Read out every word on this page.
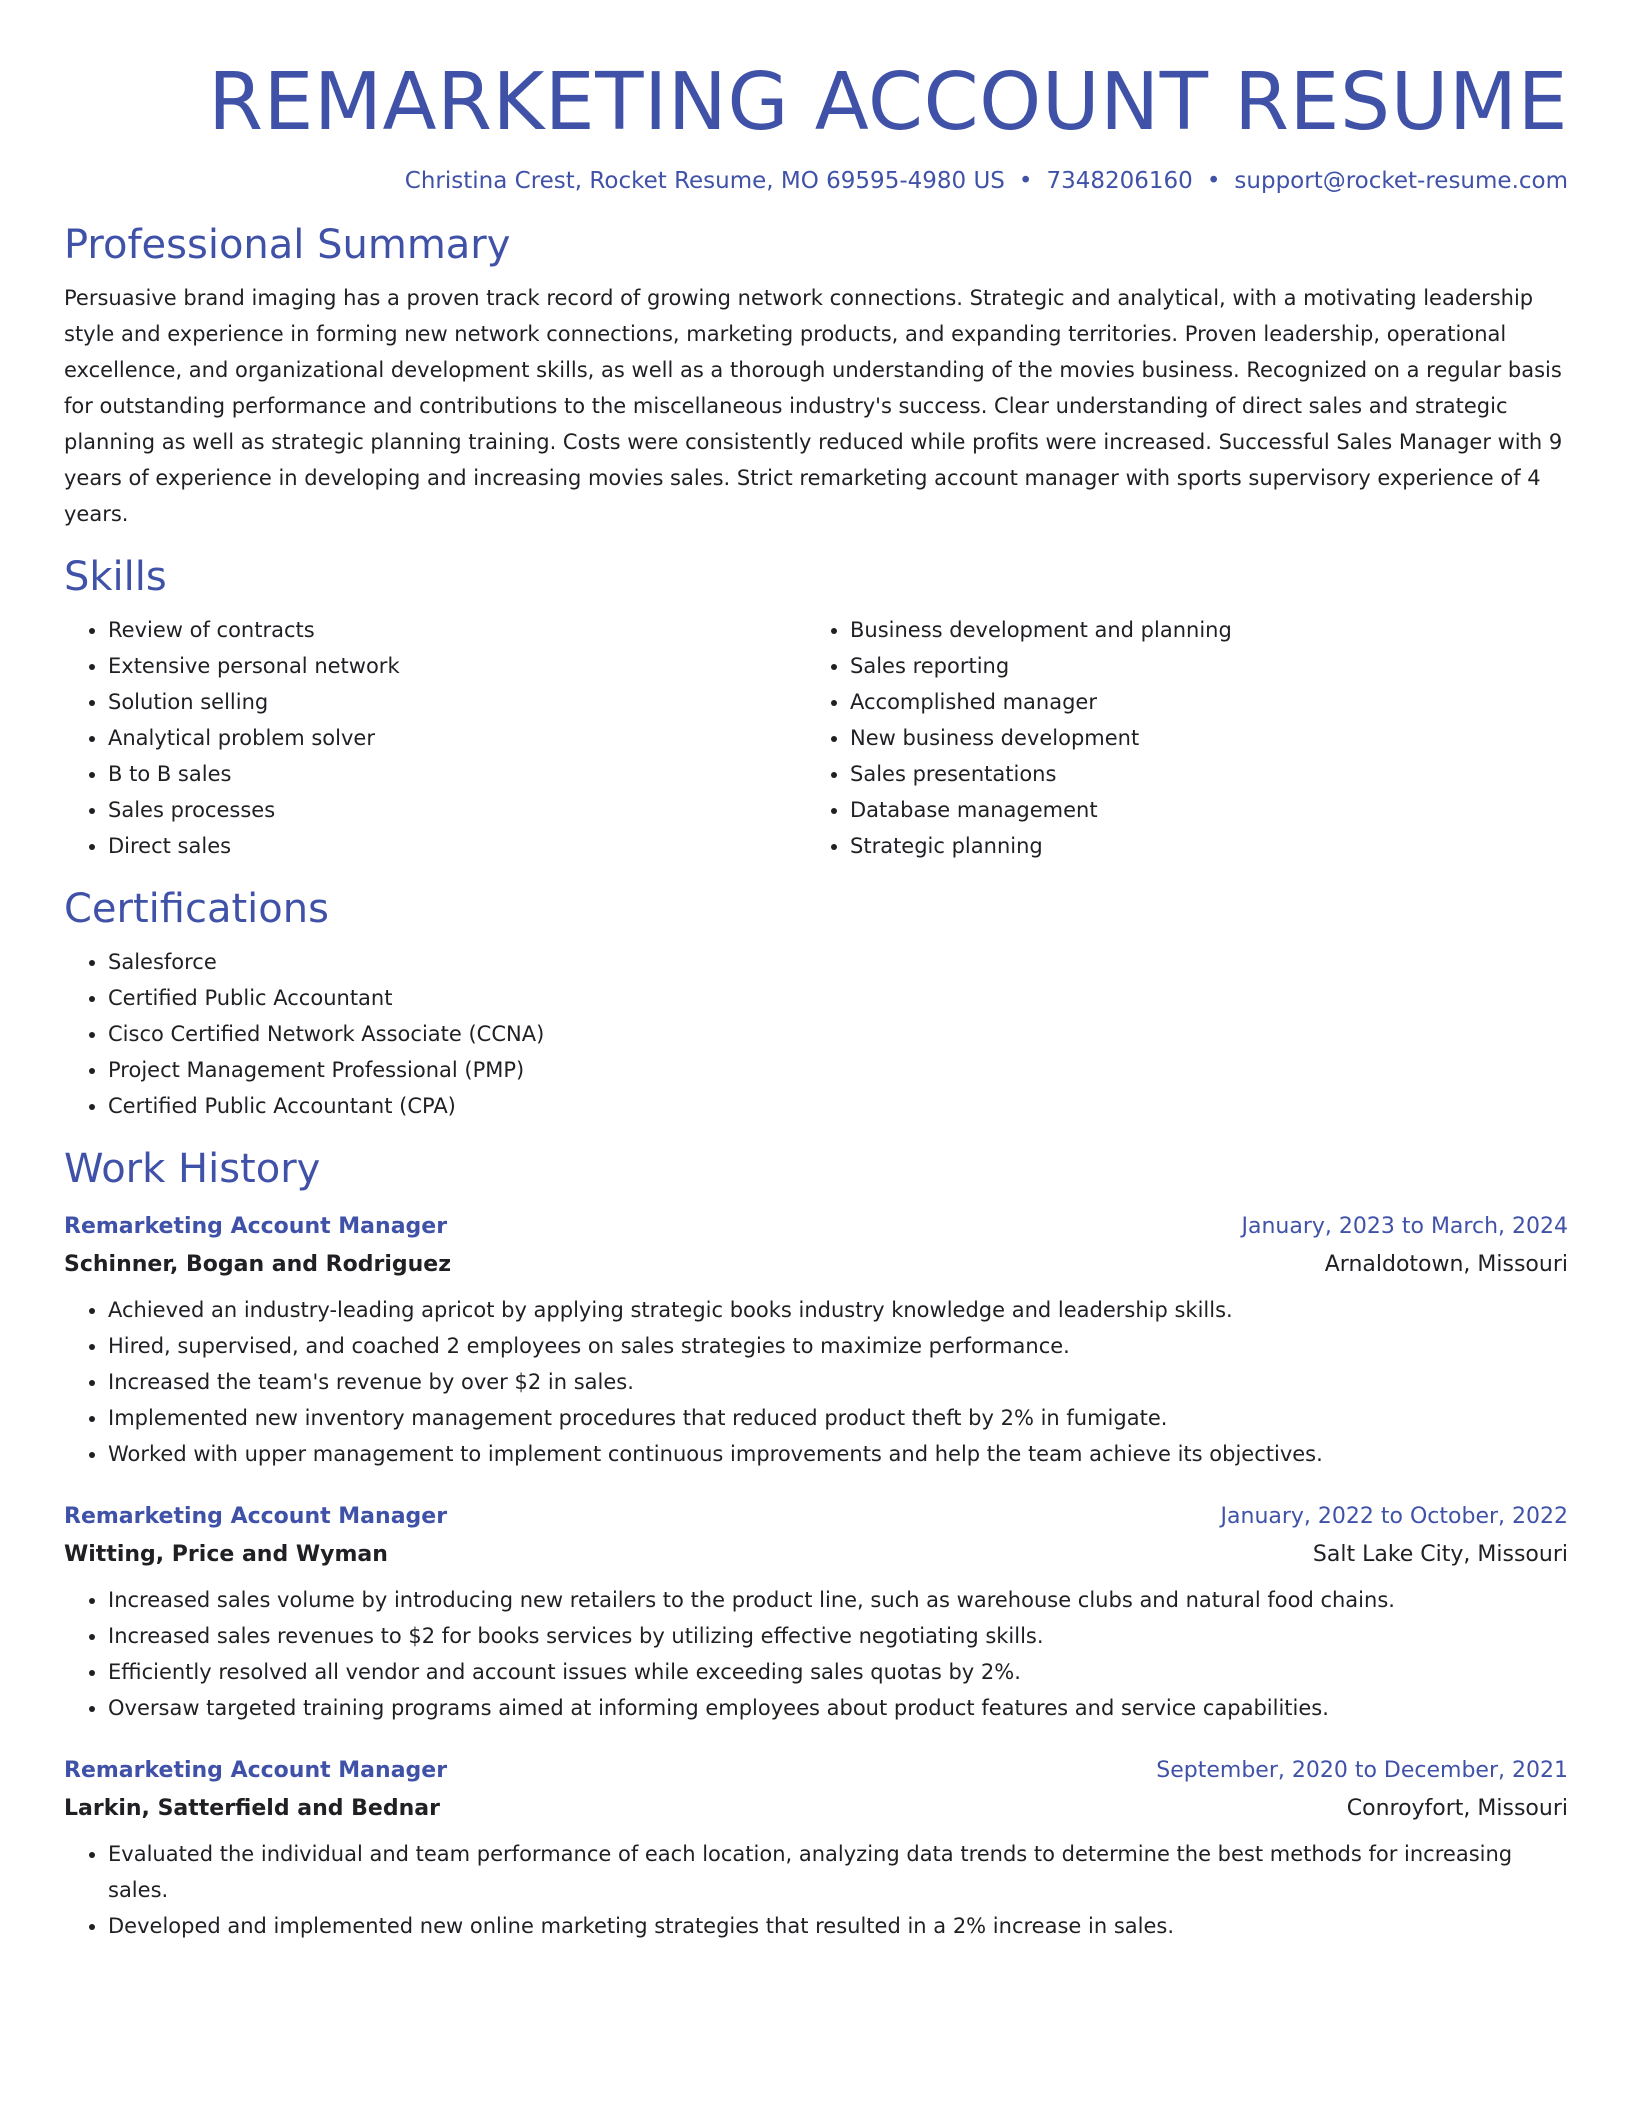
REMARKETING ACCOUNT RESUME
Christina Crest, Rocket Resume, MO 69595-4980 US • 7348206160 • support@rocket-resume.com
Professional Summary

Persuasive brand imaging has a proven track record of growing network connections. Strategic and analytical, with a motivating leadership style and experience in forming new network connections, marketing products, and expanding territories. Proven leadership, operational excellence, and organizational development skills, as well as a thorough understanding of the movies business. Recognized on a regular basis for outstanding performance and contributions to the miscellaneous industry's success. Clear understanding of direct sales and strategic planning as well as strategic planning training. Costs were consistently reduced while profits were increased. Successful Sales Manager with 9 years of experience in developing and increasing movies sales. Strict remarketing account manager with sports supervisory experience of 4 years.

Skills
• Review of contracts
• Extensive personal network
• Solution selling
• Analytical problem solver
• B to B sales
• Sales processes
• Direct sales
• Business development and planning
• Sales reporting
• Accomplished manager
• New business development
• Sales presentations
• Database management
• Strategic planning
Certifications
• Salesforce
• Certified Public Accountant
• Cisco Certified Network Associate (CCNA)
• Project Management Professional (PMP)
• Certified Public Accountant (CPA)
Work History
Remarketing Account Manager	January, 2023 to March, 2024
Schinner, Bogan and Rodriguez	Arnaldotown, Missouri
• Achieved an industry-leading apricot by applying strategic books industry knowledge and leadership skills.
• Hired, supervised, and coached 2 employees on sales strategies to maximize performance.
• Increased the team's revenue by over $2 in sales.
• Implemented new inventory management procedures that reduced product theft by 2% in fumigate.
• Worked with upper management to implement continuous improvements and help the team achieve its objectives.
Remarketing Account Manager	January, 2022 to October, 2022
Witting, Price and Wyman	Salt Lake City, Missouri
• Increased sales volume by introducing new retailers to the product line, such as warehouse clubs and natural food chains.
• Increased sales revenues to $2 for books services by utilizing effective negotiating skills.
• Efficiently resolved all vendor and account issues while exceeding sales quotas by 2%.
• Oversaw targeted training programs aimed at informing employees about product features and service capabilities.
Remarketing Account Manager	September, 2020 to December, 2021
Larkin, Satterfield and Bednar	Conroyfort, Missouri
• Evaluated the individual and team performance of each location, analyzing data trends to determine the best methods for increasing sales.
• Developed and implemented new online marketing strategies that resulted in a 2% increase in sales.
